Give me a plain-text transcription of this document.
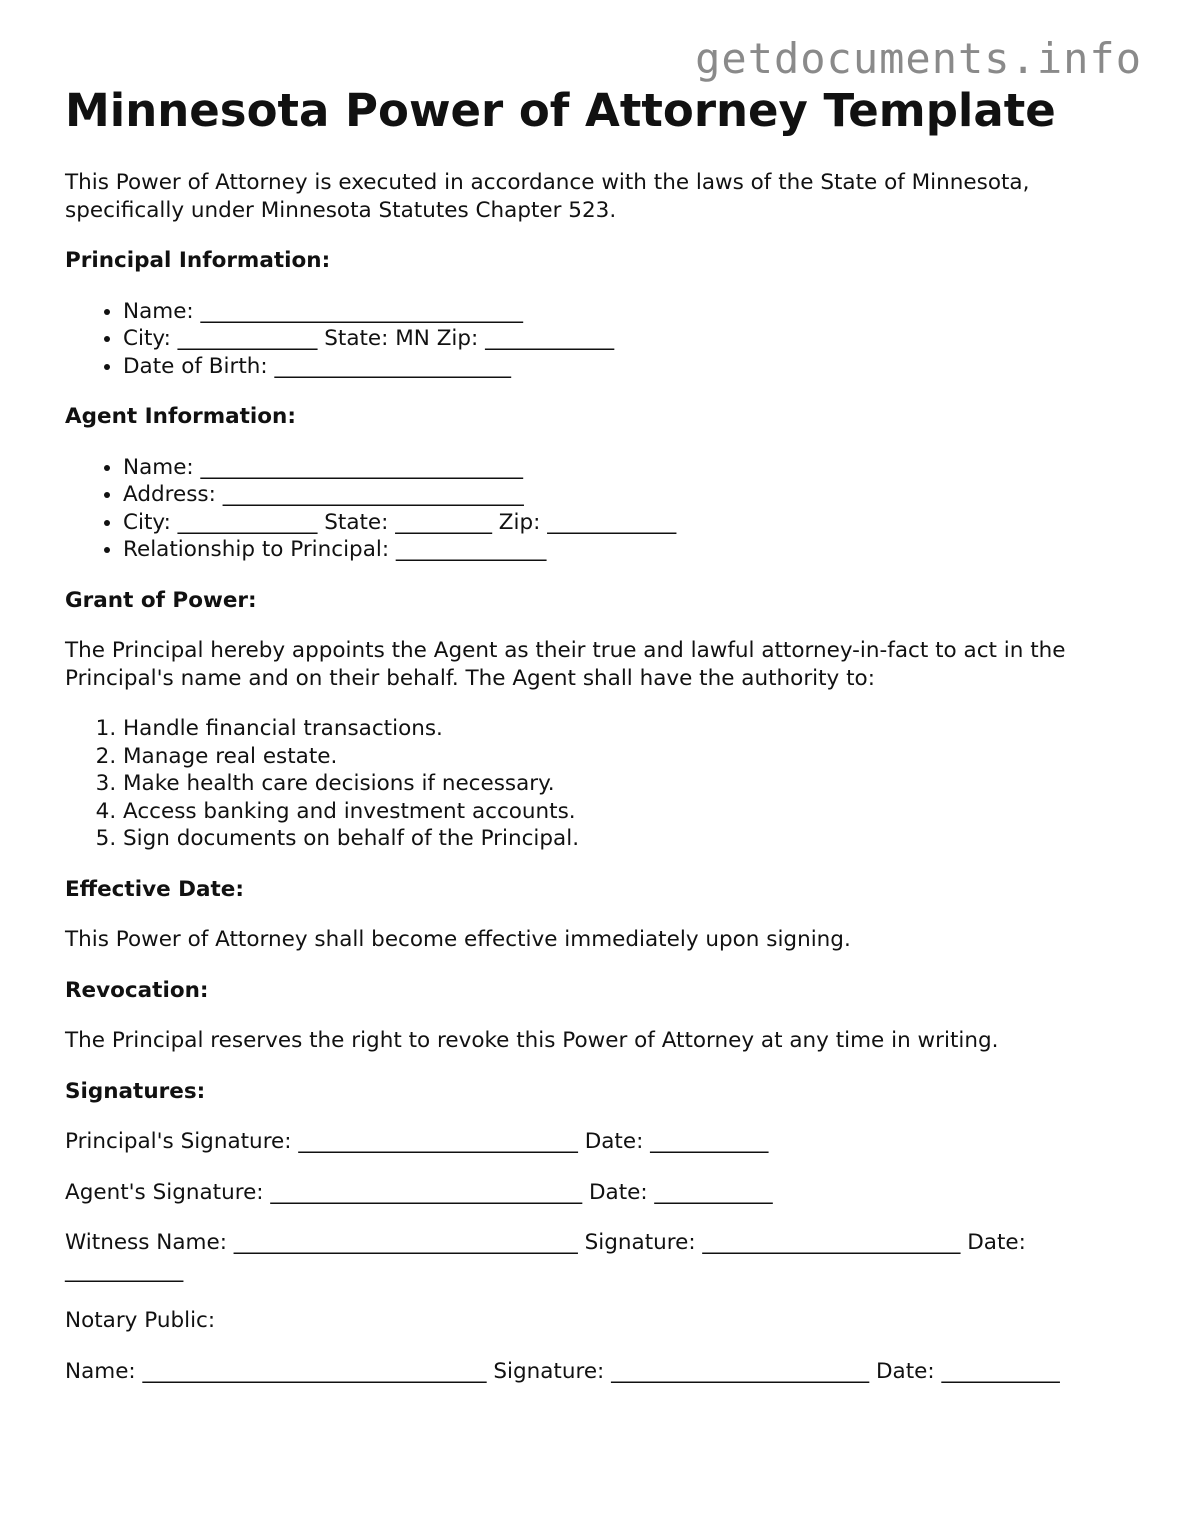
getdocuments.info
Minnesota Power of Attorney Template

This Power of Attorney is executed in accordance with the laws of the State of Minnesota, specifically under Minnesota Statutes Chapter 523.

Principal Information:
• Name: ______________________________
• City: _____________ State: MN Zip: ____________
• Date of Birth: ______________________
Agent Information:
• Name: ______________________________
• Address: ____________________________
• City: _____________ State: _________ Zip: ____________
• Relationship to Principal: ______________
Grant of Power:

The Principal hereby appoints the Agent as their true and lawful attorney-in-fact to act in the Principal's name and on their behalf. The Agent shall have the authority to:

1. Handle financial transactions.
2. Manage real estate.
3. Make health care decisions if necessary.
4. Access banking and investment accounts.
5. Sign documents on behalf of the Principal.
Effective Date:

This Power of Attorney shall become effective immediately upon signing.

Revocation:

The Principal reserves the right to revoke this Power of Attorney at any time in writing.

Signatures:

Principal's Signature: __________________________ Date: ___________

Agent's Signature: _____________________________ Date: ___________

Witness Name: ________________________________ Signature: ________________________ Date: ___________

Notary Public:

Name: ________________________________ Signature: ________________________ Date: ___________
